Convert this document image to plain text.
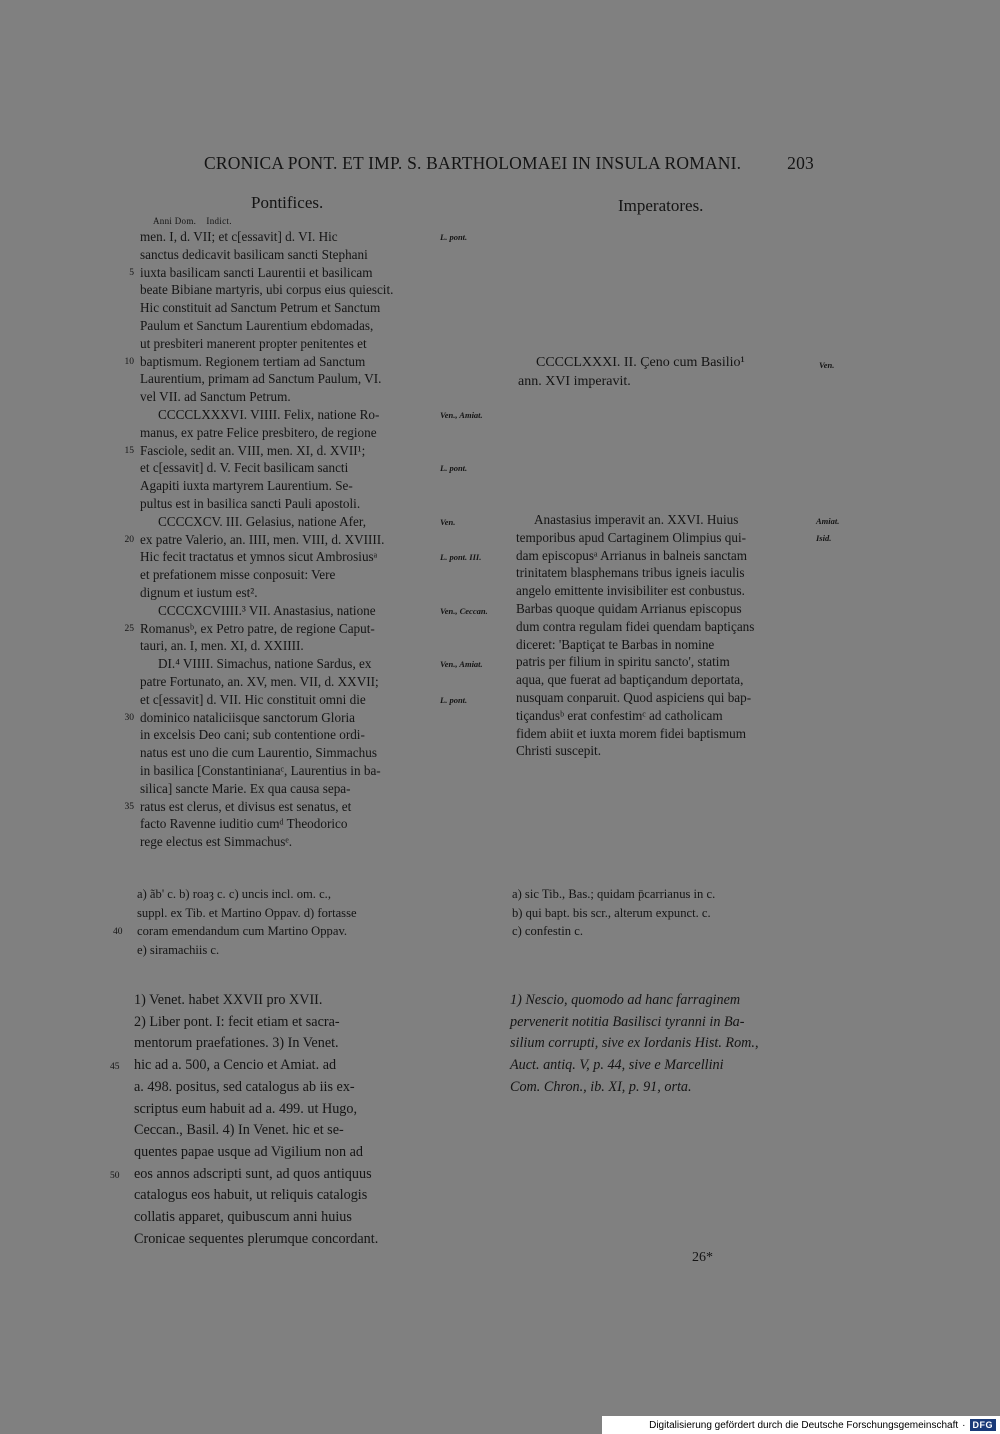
CRONICA PONT. ET IMP. S. BARTHOLOMAEI IN INSULA ROMANI.	203
Pontifices.
Anni Dom.    Indict.
Imperatores.
men. I, d. VII; et c[essavit] d. VI. Hic
sanctus dedicavit basilicam sancti Stephani
5 iuxta basilicam sancti Laurentii et basilicam
beate Bibiane martyris, ubi corpus eius quiescit.
Hic constituit ad Sanctum Petrum et Sanctum
Paulum et Sanctum Laurentium ebdomadas,
ut presbiteri manerent propter penitentes et
10 baptismum. Regionem tertiam ad Sanctum
Laurentium, primam ad Sanctum Paulum, VI.
vel VII. ad Sanctum Petrum.
CCCCLXXXVI. VIIII. Felix, natione Ro-
manus, ex patre Felice presbitero, de regione
15 Fasciole, sedit an. VIII, men. XI, d. XVII¹;
et c[essavit] d. V. Fecit basilicam sancti
Agapiti iuxta martyrem Laurentium. Se-
pultus est in basilica sancti Pauli apostoli.
CCCCXCV. III. Gelasius, natione Afer,
20 ex patre Valerio, an. IIII, men. VIII, d. XVIIII.
Hic fecit tractatus et ymnos sicut Ambrosiusᵃ
et prefationem misse conposuit: Vere
dignum et iustum est².
CCCCXCVIIII.³ VII. Anastasius, natione
25 Romanusᵇ, ex Petro patre, de regione Caput-
tauri, an. I, men. XI, d. XXIIII.
DI.⁴ VIIII. Simachus, natione Sardus, ex
patre Fortunato, an. XV, men. VII, d. XXVII;
et c[essavit] d. VII. Hic constituit omni die
30 dominico nataliciisque sanctorum Gloria
in excelsis Deo cani; sub contentione ordi-
natus est uno die cum Laurentio, Simmachus
in basilica [Constantinianaᶜ, Laurentius in ba-
silica] sancte Marie. Ex qua causa sepa-
35 ratus est clerus, et divisus est senatus, et
facto Ravenne iuditio cumᵈ Theodorico
rege electus est Simmachusᵉ.
L. pont.
Ven., Amiat.
L. pont.
Ven.
L. pont. III.
Ven., Ceccan.
Ven., Amiat.
L. pont.
a) ãb' c. b) roaȝ c. c) uncis incl. om. c.,
suppl. ex Tib. et Martino Oppav. d) fortasse
40 coram emendandum cum Martino Oppav.
e) siramachiis c.
1) Venet. habet XXVII pro XVII.
2) Liber pont. I: fecit etiam et sacra-
mentorum praefationes. 3) In Venet.
45 hic ad a. 500, a Cencio et Amiat. ad
a. 498. positus, sed catalogus ab iis ex-
scriptus eum habuit ad a. 499. ut Hugo,
Ceccan., Basil. 4) In Venet. hic et se-
quentes papae usque ad Vigilium non ad
50 eos annos adscripti sunt, ad quos antiquus
catalogus eos habuit, ut reliquis catalogis
collatis apparet, quibuscum anni huius
Cronicae sequentes plerumque concordant.
CCCCLXXXI. II. Çeno cum Basilio¹
ann. XVI imperavit.
Ven.
Anastasius imperavit an. XXVI. Huius
temporibus apud Cartaginem Olimpius qui-
dam episcopusᵃ Arrianus in balneis sanctam
trinitatem blasphemans tribus igneis iaculis
angelo emittente invisibiliter est conbustus.
Barbas quoque quidam Arrianus episcopus
dum contra regulam fidei quendam baptiçans
diceret: 'Baptiçat te Barbas in nomine
patris per filium in spiritu sancto', statim
aqua, que fuerat ad baptiçandum deportata,
nusquam conparuit. Quod aspiciens qui bap-
tiçandusᵇ erat confestimᶜ ad catholicam
fidem abiit et iuxta morem fidei baptismum
Christi suscepit.
Amiat.
Isid.
a) sic Tib., Bas.; quidam p̄carrianus in c.
b) qui bapt. bis scr., alterum expunct. c.
c) confestin c.
1) Nescio, quomodo ad hanc farraginem
pervenerit notitia Basilisci tyranni in Ba-
silium corrupti, sive ex Iordanis Hist. Rom.,
Auct. antiq. V, p. 44, sive e Marcellini
Com. Chron., ib. XI, p. 91, orta.
26*
Digitalisierung gefördert durch die Deutsche Forschungsgemeinschaft · DFG
